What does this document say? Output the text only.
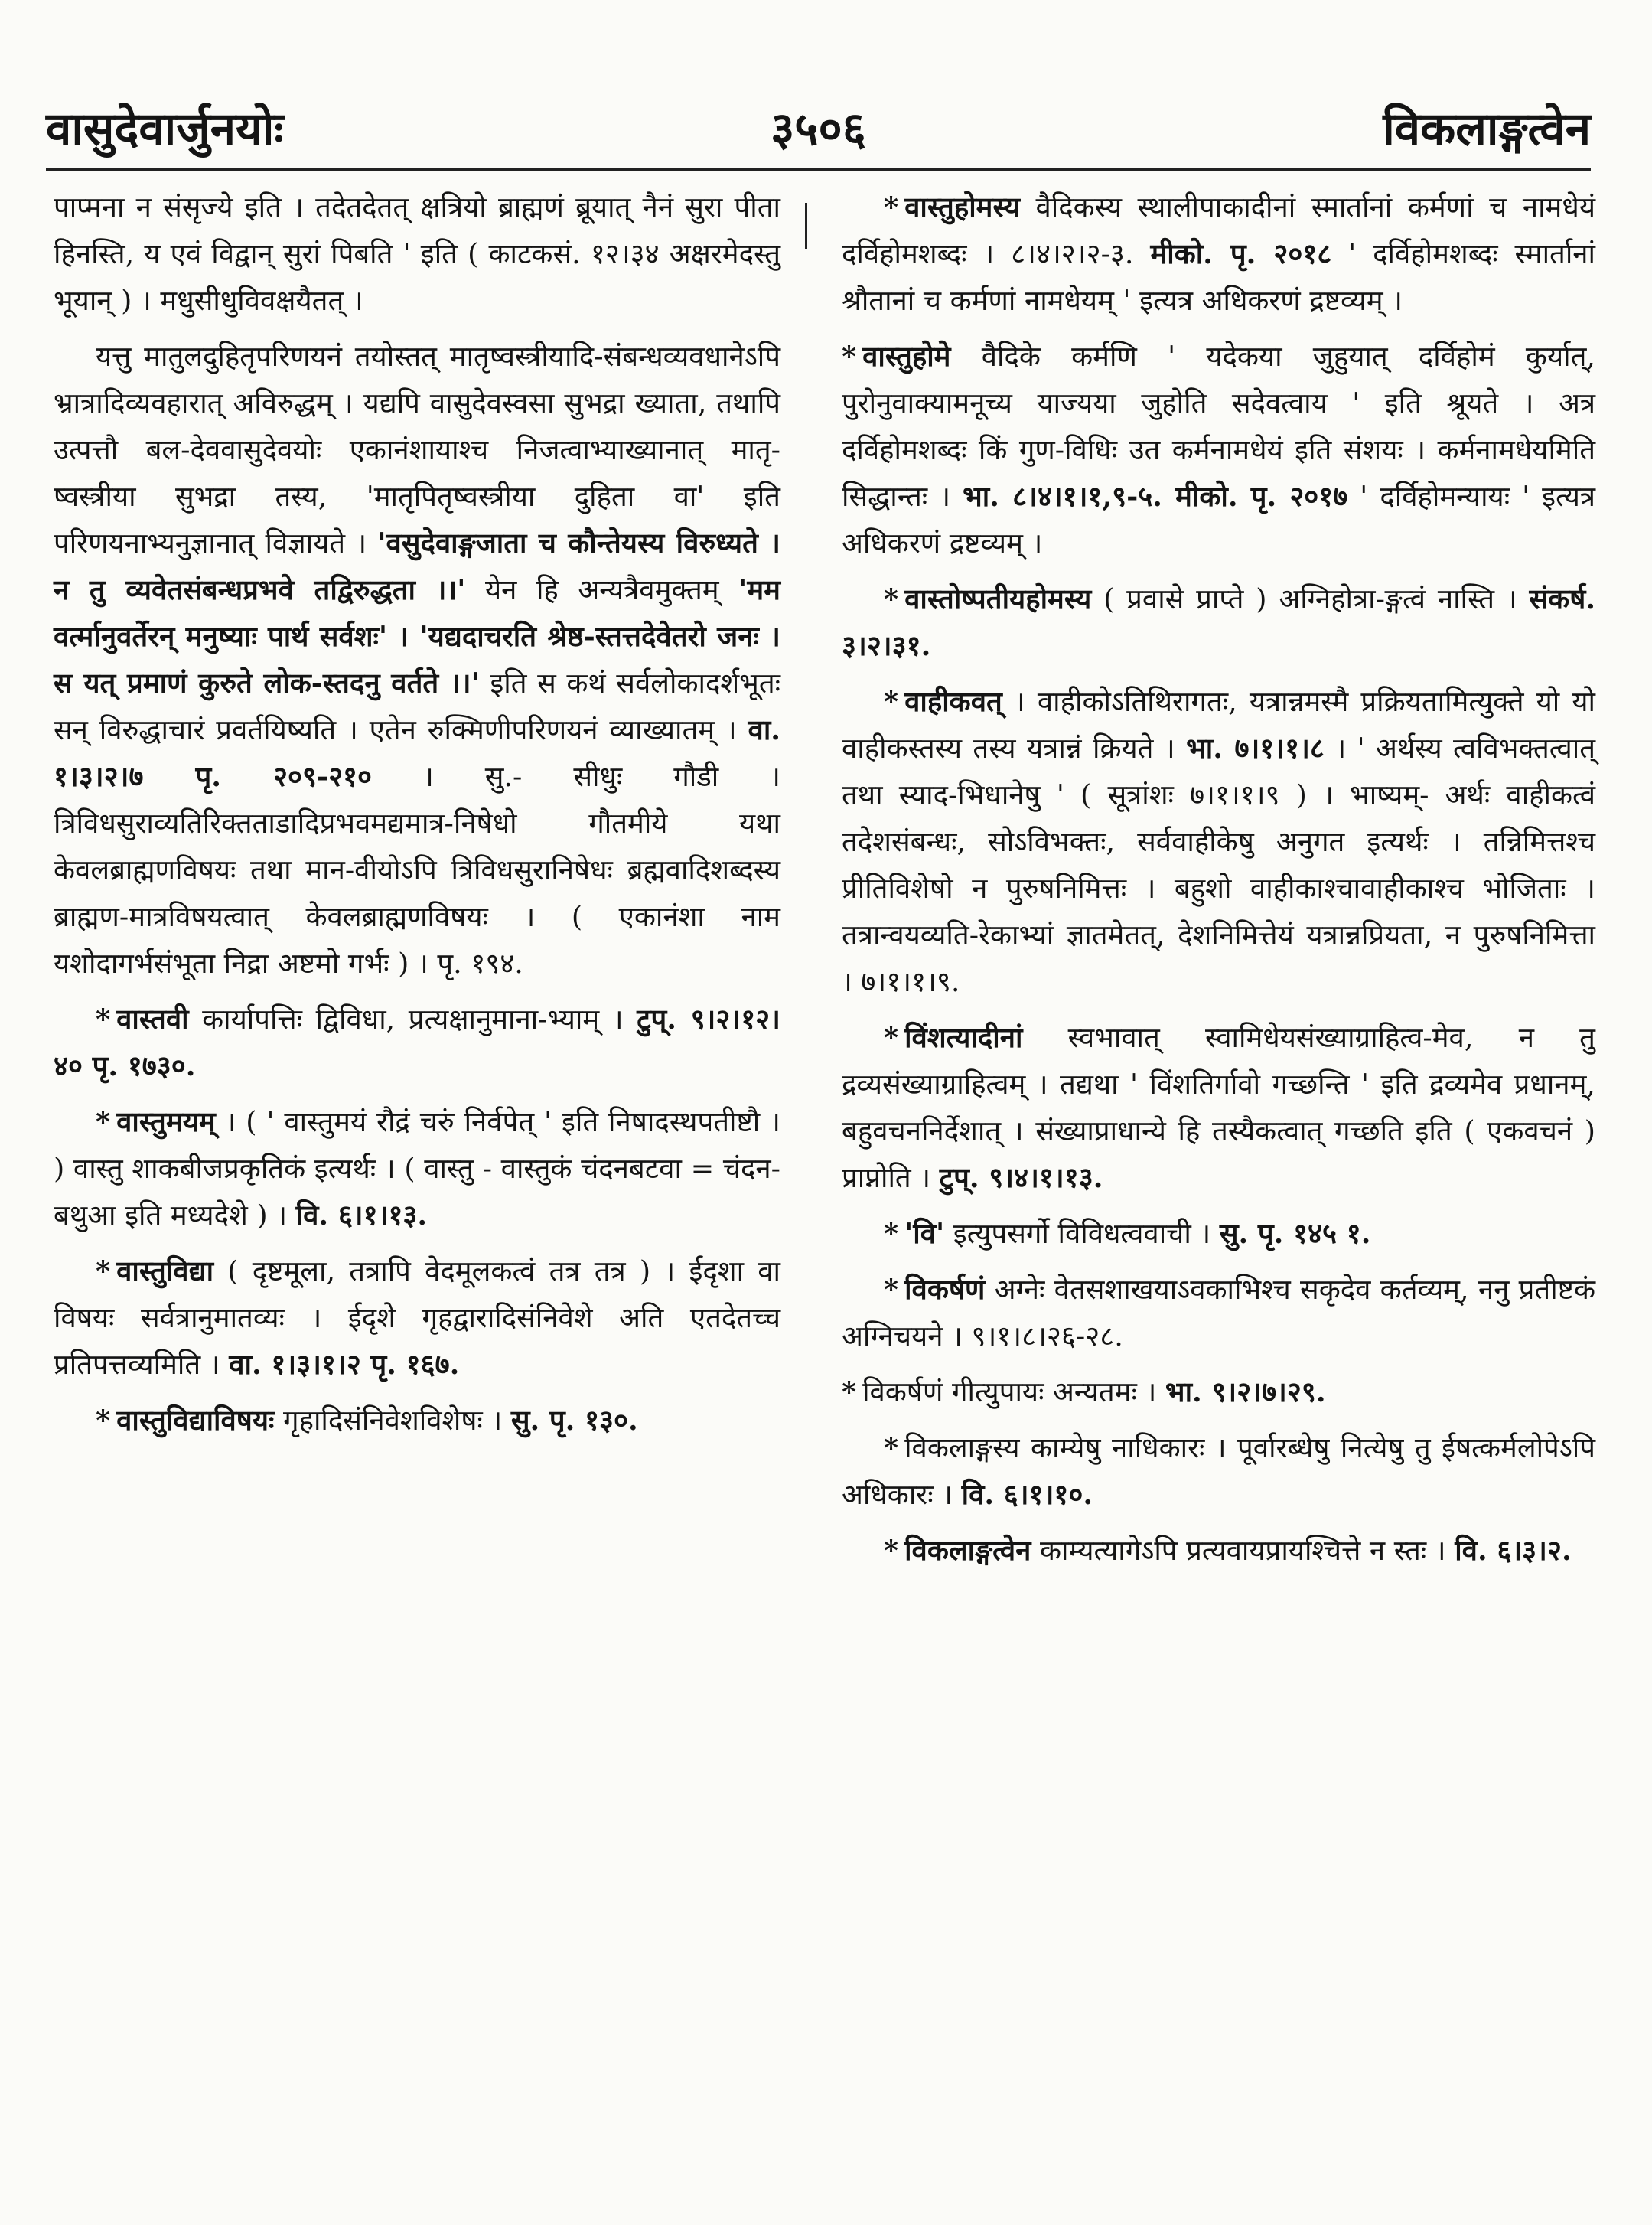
वासुदेवार्जुनयोः	३५०६	विकलाङ्गत्वेन

पाप्मना न संसृज्ये इति । तदेतदेतत् क्षत्रियो ब्राह्मणं ब्रूयात् नैनं सुरा पीता हिनस्ति, य एवं विद्वान् सुरां पिबति ' इति ( काटकसं. १२।३४ अक्षरमेदस्तु भूयान् ) । मधुसीधुविवक्षयैतत् ।

यत्तु मातुलदुहितृपरिणयनं तयोस्तत् मातृष्वस्त्रीयादि-संबन्धव्यवधानेऽपि भ्रात्रादिव्यवहारात् अविरुद्धम् । यद्यपि वासुदेवस्वसा सुभद्रा ख्याता, तथापि उत्पत्तौ बल-देववासुदेवयोः एकानंशायाश्च निजत्वाभ्याख्यानात् मातृ-ष्वस्त्रीया सुभद्रा तस्य, 'मातृपितृष्वस्त्रीया दुहिता वा' इति परिणयनाभ्यनुज्ञानात् विज्ञायते । 'वसुदेवाङ्गजाता च कौन्तेयस्य विरुध्यते । न तु व्यवेतसंबन्धप्रभवे तद्विरुद्धता ।।' येन हि अन्यत्रैवमुक्तम् 'मम वर्त्मानुवर्तेरन् मनुष्याः पार्थ सर्वशः' । 'यद्यदाचरति श्रेष्ठ-स्तत्तदेवेतरो जनः । स यत् प्रमाणं कुरुते लोक-स्तदनु वर्तते ।।' इति स कथं सर्वलोकादर्शभूतः सन् विरुद्धाचारं प्रवर्तयिष्यति । एतेन रुक्मिणीपरिणयनं व्याख्यातम् । वा. १।३।२।७ पृ. २०९-२१० । सु.- सीधुः गौडी । त्रिविधसुराव्यतिरिक्तताडादिप्रभवमद्यमात्र-निषेधो गौतमीये यथा केवलब्राह्मणविषयः तथा मान-वीयोऽपि त्रिविधसुरानिषेधः ब्रह्मवादिशब्दस्य ब्राह्मण-मात्रविषयत्वात् केवलब्राह्मणविषयः । ( एकानंशा नाम यशोदागर्भसंभूता निद्रा अष्टमो गर्भः ) । पृ. १९४.

* वास्तवी कार्यापत्तिः द्विविधा, प्रत्यक्षानुमाना-भ्याम् । टुप्. ९।२।१२।४० पृ. १७३०.

* वास्तुमयम् । ( ' वास्तुमयं रौद्रं चरुं निर्वपेत् ' इति निषादस्थपतीष्टौ । ) वास्तु शाकबीजप्रकृतिकं इत्यर्थः । ( वास्तु - वास्तुकं चंदनबटवा = चंदन-बथुआ इति मध्यदेशे ) । वि. ६।१।१३.

* वास्तुविद्या ( दृष्टमूला, तत्रापि वेदमूलकत्वं तत्र तत्र ) । ईदृशा वा विषयः सर्वत्रानुमातव्यः । ईदृशे गृहद्वारादिसंनिवेशे अति एतदेतच्च प्रतिपत्तव्यमिति । वा. १।३।१।२ पृ. १६७.

* वास्तुविद्याविषयः गृहादिसंनिवेशविशेषः । सु. पृ. १३०.

* वास्तुहोमस्य वैदिकस्य स्थालीपाकादीनां स्मार्तानां कर्मणां च नामधेयं दर्विहोमशब्दः । ८।४।२।२-३. मीको. पृ. २०१८ ' दर्विहोमशब्दः स्मार्तानां श्रौतानां च कर्मणां नामधेयम् ' इत्यत्र अधिकरणं द्रष्टव्यम् ।

* वास्तुहोमे वैदिके कर्मणि ' यदेकया जुहुयात् दर्विहोमं कुर्यात्, पुरोनुवाक्यामनूच्य याज्यया जुहोति सदेवत्वाय ' इति श्रूयते । अत्र दर्विहोमशब्दः किं गुण-विधिः उत कर्मनामधेयं इति संशयः । कर्मनामधेयमिति सिद्धान्तः । भा. ८।४।१।१,९-५. मीको. पृ. २०१७ ' दर्विहोमन्यायः ' इत्यत्र अधिकरणं द्रष्टव्यम् ।

* वास्तोष्पतीयहोमस्य ( प्रवासे प्राप्ते ) अग्निहोत्रा-ङ्गत्वं नास्ति । संकर्ष. ३।२।३१.

* वाहीकवत् । वाहीकोऽतिथिरागतः, यत्रान्नमस्मै प्रक्रियतामित्युक्ते यो यो वाहीकस्तस्य तस्य यत्रान्नं क्रियते । भा. ७।१।१।८ । ' अर्थस्य त्वविभक्तत्वात् तथा स्याद-भिधानेषु ' ( सूत्रांशः ७।१।१।९ ) । भाष्यम्- अर्थः वाहीकत्वं तदेशसंबन्धः, सोऽविभक्तः, सर्ववाहीकेषु अनुगत इत्यर्थः । तन्निमित्तश्च प्रीतिविशेषो न पुरुषनिमित्तः । बहुशो वाहीकाश्चावाहीकाश्च भोजिताः । तत्रान्वयव्यति-रेकाभ्यां ज्ञातमेतत्, देशनिमित्तेयं यत्रान्नप्रियता, न पुरुषनिमित्ता । ७।१।१।९.

* विंशत्यादीनां स्वभावात् स्वामिधेयसंख्याग्राहित्व-मेव, न तु द्रव्यसंख्याग्राहित्वम् । तद्यथा ' विंशतिर्गावो गच्छन्ति ' इति द्रव्यमेव प्रधानम्, बहुवचननिर्देशात् । संख्याप्राधान्ये हि तस्यैकत्वात् गच्छति इति ( एकवचनं ) प्राप्नोति । टुप्. ९।४।१।१३.

* 'वि' इत्युपसर्गो विविधत्ववाची । सु. पृ. १४५ १.

* विकर्षणं अग्नेः वेतसशाखयाऽवकाभिश्च सकृदेव कर्तव्यम्, ननु प्रतीष्टकं अग्निचयने । ९।१।८।२६-२८.

* विकर्षणं गीत्युपायः अन्यतमः । भा. ९।२।७।२९.

* विकलाङ्गस्य काम्येषु नाधिकारः । पूर्वारब्धेषु नित्येषु तु ईषत्कर्मलोपेऽपि अधिकारः । वि. ६।१।१०.

* विकलाङ्गत्वेन काम्यत्यागेऽपि प्रत्यवायप्रायश्चित्ते न स्तः । वि. ६।३।२.
